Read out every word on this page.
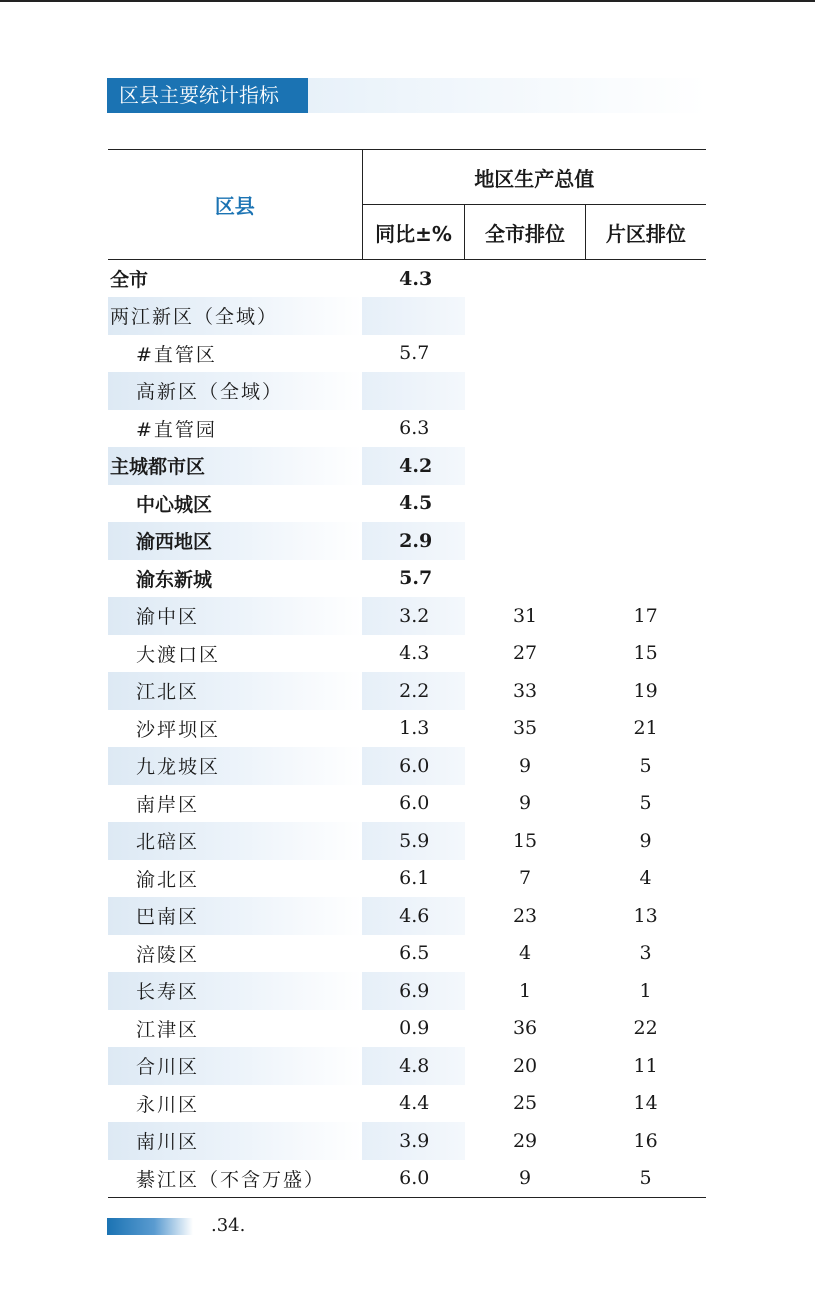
区县主要统计指标
区县	地区生产总值		
	同比±%	全市排位	片区排位
全市	4.3		
两江新区（全域）			
#直管区	5.7		
高新区（全域）			
#直管园	6.3		
主城都市区	4.2		
中心城区	4.5		
渝西地区	2.9		
渝东新城	5.7		
渝中区	3.2	31	17
大渡口区	4.3	27	15
江北区	2.2	33	19
沙坪坝区	1.3	35	21
九龙坡区	6.0	9	5
南岸区	6.0	9	5
北碚区	5.9	15	9
渝北区	6.1	7	4
巴南区	4.6	23	13
涪陵区	6.5	4	3
长寿区	6.9	1	1
江津区	0.9	36	22
合川区	4.8	20	11
永川区	4.4	25	14
南川区	3.9	29	16
綦江区（不含万盛）	6.0	9	5
.34.
